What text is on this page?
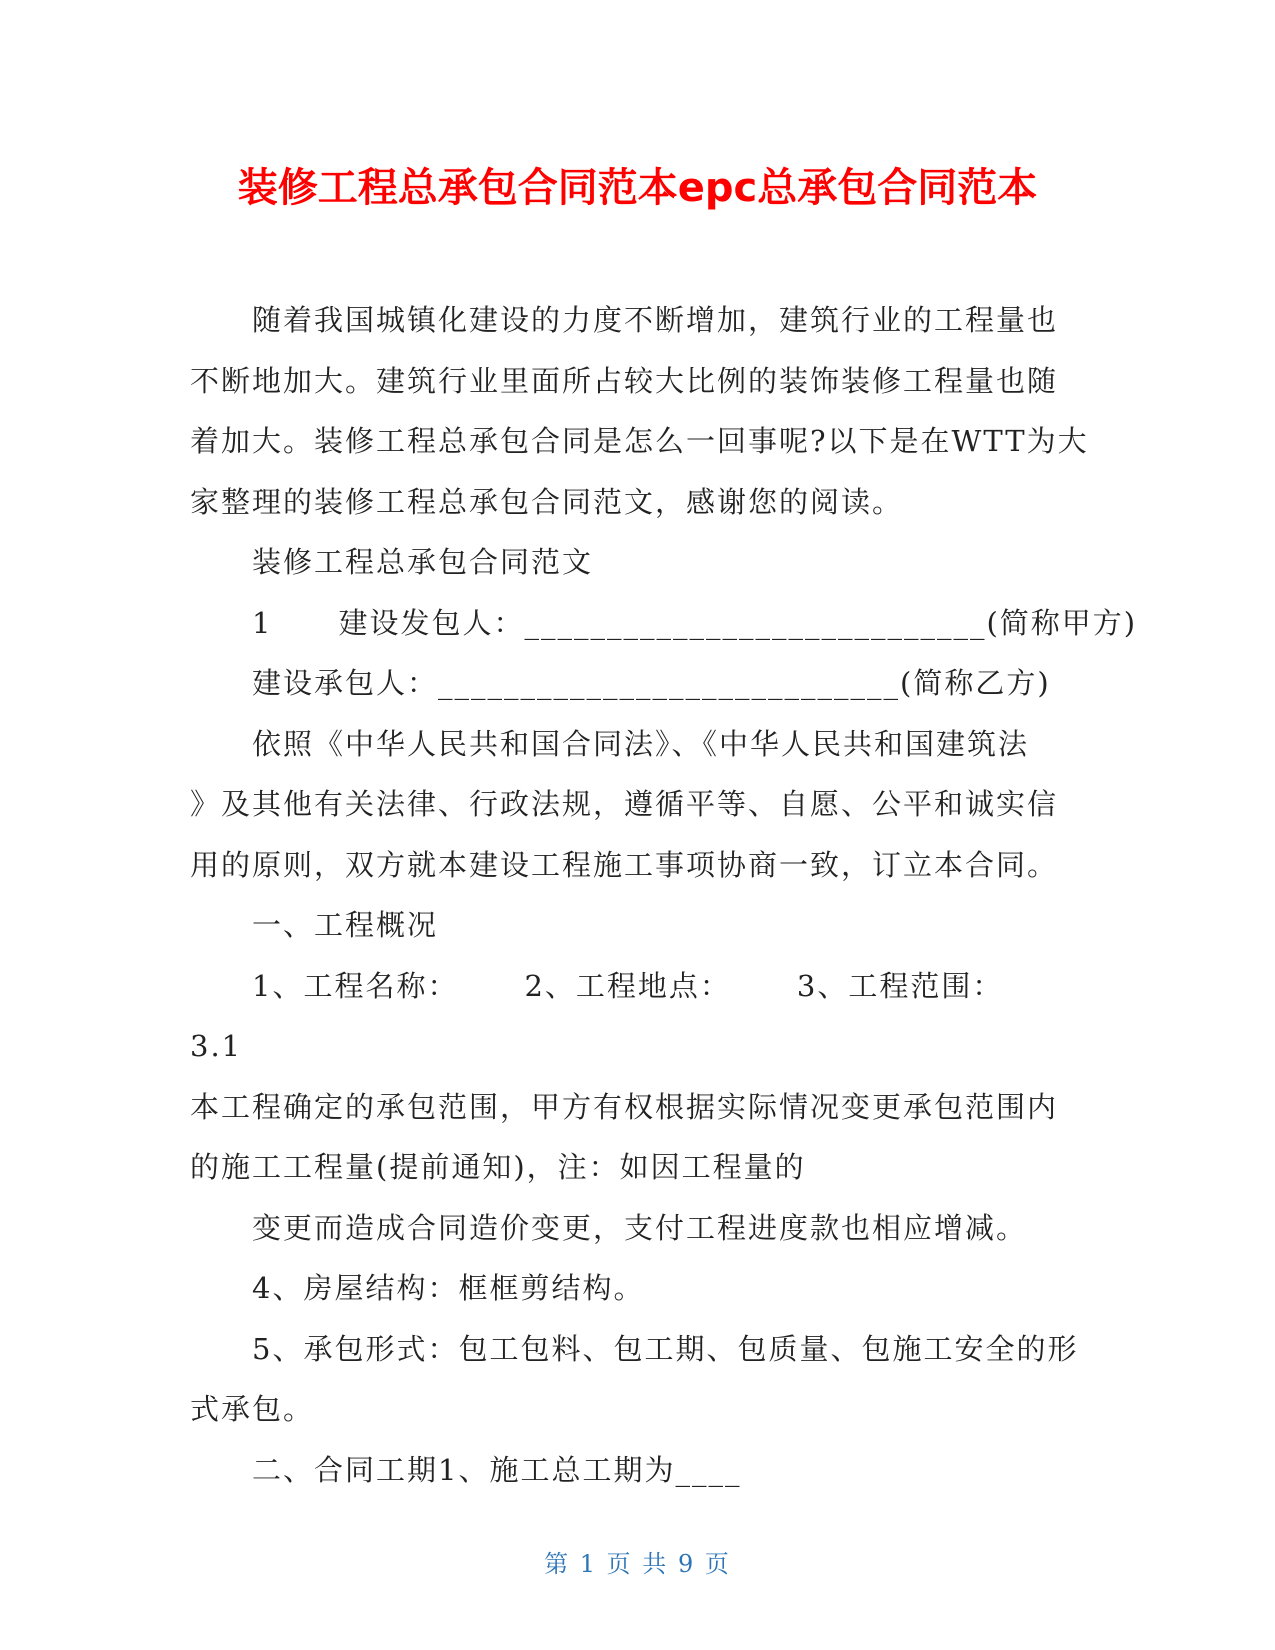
装修工程总承包合同范本epc总承包合同范本

随着我国城镇化建设的力度不断增加，建筑行业的工程量也

不断地加大。建筑行业里面所占较大比例的装饰装修工程量也随

着加大。装修工程总承包合同是怎么一回事呢?以下是在WTT为大

家整理的装修工程总承包合同范文，感谢您的阅读。

装修工程总承包合同范文

1 建设发包人：____________________________(简称甲方)

建设承包人：____________________________(简称乙方)

依照《中华人民共和国合同法》、《中华人民共和国建筑法

》及其他有关法律、行政法规，遵循平等、自愿、公平和诚实信

用的原则，双方就本建设工程施工事项协商一致，订立本合同。

一、工程概况

1、工程名称： 2、工程地点： 3、工程范围：

3.1

本工程确定的承包范围，甲方有权根据实际情况变更承包范围内

的施工工程量(提前通知)，注：如因工程量的

变更而造成合同造价变更，支付工程进度款也相应增减。

4、房屋结构：框框剪结构。

5、承包形式：包工包料、包工期、包质量、包施工安全的形

式承包。

二、合同工期1、施工总工期为____

第 1 页 共 9 页
